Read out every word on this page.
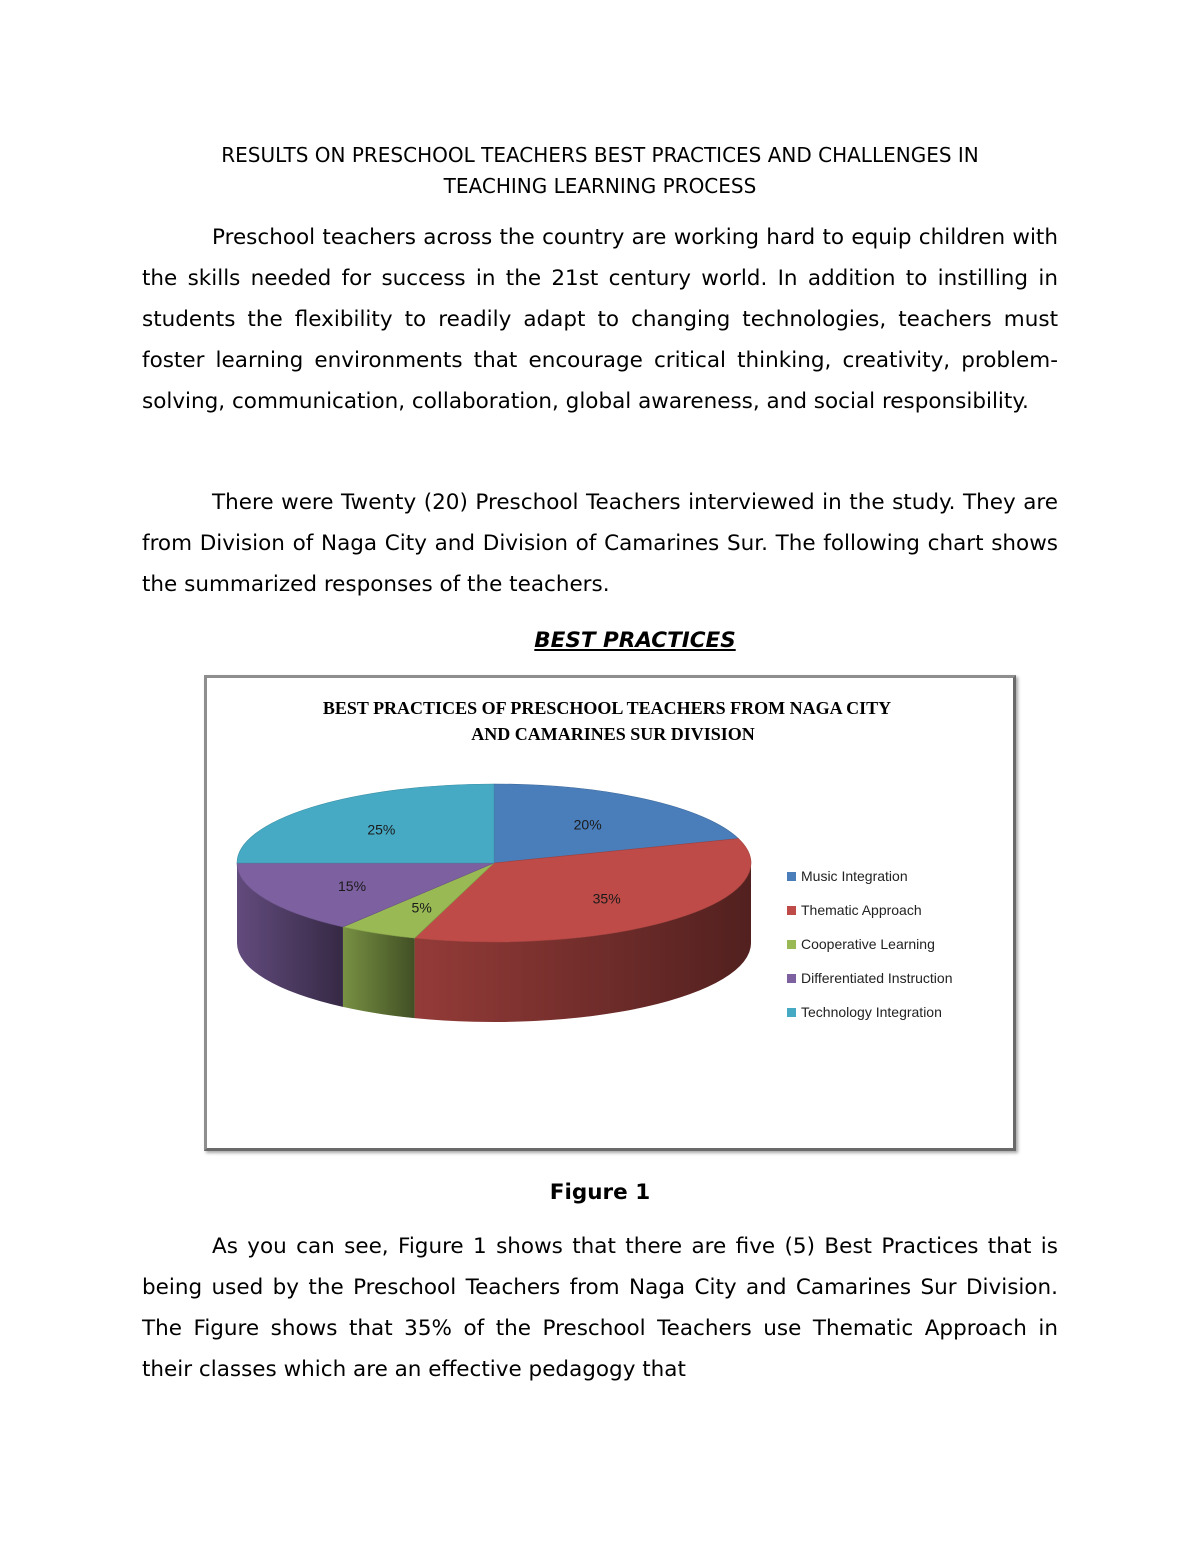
RESULTS ON PRESCHOOL TEACHERS BEST PRACTICES AND CHALLENGES IN
TEACHING LEARNING PROCESS

Preschool teachers across the country are working hard to equip children with the skills needed for success in the 21st century world. In addition to instilling in students the flexibility to readily adapt to changing technologies, teachers must foster learning environments that encourage critical thinking, creativity, problem-solving, communication, collaboration, global awareness, and social responsibility.

There were Twenty (20) Preschool Teachers interviewed in the study. They are from Division of Naga City and Division of Camarines Sur. The following chart shows the summarized responses of the teachers.

BEST PRACTICES
BEST PRACTICES OF PRESCHOOL TEACHERS FROM NAGA CITY
AND CAMARINES SUR DIVISION
20%
35%
5%
15%
25%
Music Integration
Thematic Approach
Cooperative Learning
Differentiated Instruction
Technology Integration

Figure 1

As you can see, Figure 1 shows that there are five (5) Best Practices that is being used by the Preschool Teachers from Naga City and Camarines Sur Division. The Figure shows that 35% of the Preschool Teachers use Thematic Approach in their classes which are an effective pedagogy that
